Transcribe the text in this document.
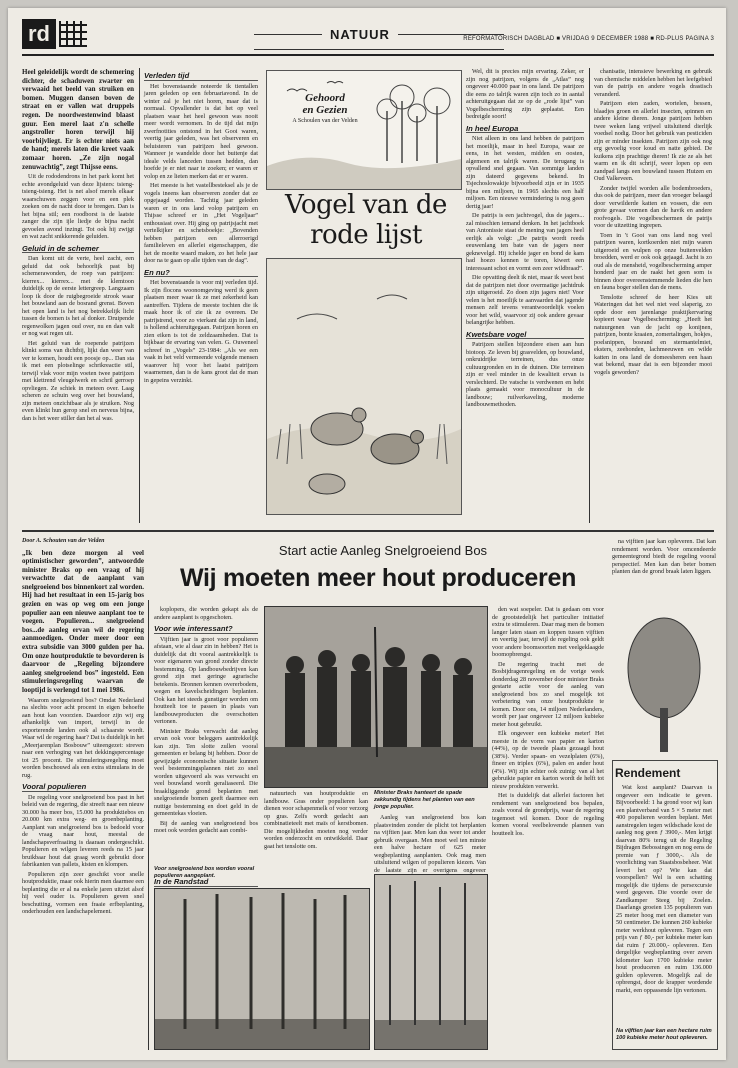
rd	NATUUR	REFORMATORISCH DAGBLAD ■ VRIJDAG 9 DECEMBER 1988 ■ RD-PLUS PAGINA 3

Heel geleidelijk wordt de schemering dichter, de schaduwen zwarter en verwaaid het beeld van struiken en bomen. Muggen dansen boven de straat en er vallen wat druppels regen. De noordwestenwind blaast guur. Een merel laat z'n schelle angstroller horen terwijl hij voorbijvliegt. Er is echter niets aan de hand; merels laten die kreet vaak zomaar horen. „Ze zijn nogal zenuwachtig”, zegt Thijsse eens.

Uit de rododendrons in het park komt het echte avondgeluid van deze lijsters: tsieng-tsieng-tsieng. Het is net alsof merels elkaar waarschuwen zeggen voor en een plek zoeken om de nacht door te brengen. Dan is het bijna stil; een roodborst is de laatste zanger die zijn ijle liedje de bijna nacht gevoelen avond inzingt. Tot ook hij zwijgt en wat zacht snikkerende geluiden.

Geluid in de schemer

Dan komt uit de verte, heel zacht, een geluid dat ook behoorlijk past bij schemerawonden, de roep van patrijzen: kierrex... kierrex... met de klemtoon duidelijk op de eerste lettergreep. Langzaam loop ik door de ruigbegroeide strook waar het bouwland aan de bosrand grenst. Boven het open land is het nog betrekkelijk licht tussen de bomen is het al donker. Druipende regenwolken jagen oud over, nu en dan valt er nog wat regen uit.

Het geluid van de roepende patrijzen klinkt soms van dichtbij, lijkt dan weer van ver te komen, houdt een poosje op... Dan sta ik met een plotselinge schrikreactie stil, terwijl vlak voor mijn voeten twee patrijzen met klettrend vleugelwerk en schril gerroep opvliegen. Ze schiek in meteen over. Laag scheren ze schuin weg over het bouwland, zijn meteen onzichtbaar als je struiken. Nog even klinkt hun gerop snel en nerveus bijna, dan is het weer stiller dan het al was.

Verleden tijd

Het bovenstaande noteerde ik tientallen jaren geleden op een februariavond. In de winter zal je het niet horen, maar dat is normaal. Opvallender is dat het op veel plaatsen waar het heel gewoon was nooit meer wordt vernomen. In de tijd dat mijn zwerfnotities ontstond in het Gooi waren, veertig jaar geleden, was het observeren en beluisteren van patrijzen heel gewoon. Wanneer je wandelde door het buitenje dat ideale velds lanceden tussen hedden, dan hoefde je er niet naar te zoeken; er waren er volop en ze lieten merken dat er er waren.

Het meeste is het vastellbesteksel als je de vogels ineens kan observeren zonder dat ze opgejaagd worden. Tachtig jaar geleden waren er in ons land volop patrijzen en Thijsse schreef er in „Het Vogeljaar” enthousiast over. Hij ging op patrijsjacht met vertelkijker en schetsboekje: „Bovenden hebben patrijzen een allerroerigd familieleven en allerlei eigenschappen, die het de moeite waard maken, zo het hele jaar door na te gaan op alle tijden van de dag”.

En nu?

Het bovenstaande is voor mij verleden tijd. Ik zijn flocons woonomgeving werd ik geen plaatsen meer waar ik ze met zekerheid kan aantreffen. Tijdens de meeste tochten die ik maak hoor ik of zie ik ze overeen. De patrijstrend, voor zo vierkant dat zijn in land, is hollend achteruitgegaan. Patrijzen horen en zien eiken is tot de zeldzaamheden. Dat is bijkbaar de ervaring van velen. G. Ouweneel schreef in „Vogels” 23-1984: „Als we een vaak in het veld vermeende volgende mensen waarover hij voor het laatst patrijzen waarnemen, dan is de kans groot dat de man in gepeins verzinkt.

Gehoord
en Gezien
A Schoulen van der Velden
Vogel van de rode lijst

Wel, dit is precies mijn ervaring. Zeker, er zijn nog patrijzen, volgens de „Atlas” nog ongeveer 40.000 paar in ons land. De patrijzen die eens zo talrijk waren zijn toch zo in aantal achteruitgegaan dat ze op de „rode lijst” van Vogelbescherming zijn geplaatst. Een bedreigde soort!

In heel Europa

Niet alleen in ons land hebben de patrijzen het moeilijk, maar in heel Europa, waar ze eens, in het westen, midden en oosten, algemeen en talrijk waren. De terugang is opvallend snel gegaan. Van sommige landen zijn dateerd gegevens bekend. In Tsjechoslowakije bijvoorbeeld zijn er in 1935 bijna een miljoen, in 1965 slechts een half miljoen. Een nieuwe vermindering is nog geen dertig jaar!

De patrijs is een jachtvogel, dus de jagers... zal misschien iemand denken. In het jachtboek van Antonissie staat de mening van jagers heel eerlijk als volgt: „De patrijs wordt reeds eeuwenlang ten bate van de jagers neer geknevelgd. Hij ichelde jager en bond de kam had hoezo kennen te toren, kiwert een interessant schot en vormt een zeer wildbraad”.

Die opvatting deelt ik niet, maar ik weet best dat de patrijzen niet door overmatige jachtdruk zijn uitgeroeid. Zo doen zijn jagers niet! Voor velen is het moeilijk te aanvaarden dat jagende mensen zelf tevens verantwoordelijk voelen voor het wild, waarvoor zij ook andere gevaar belangrijke hebben.

Kwetsbare vogel

Patrijzen stellen bijzondere eisen aan hun biotoop. Ze leven bij grasvelden, op bouwland, onkruidrijke terreinen, dus onze cultuurgronden en in de duinen. Die terreinen zijn er veel minder in de kwaliteit ervan is verslechterd. De vatsche is verdwenen en hebt plaats gemaakt voor monocultuur in de landbouw; ruilverkaveling, moderne landbouwmethoden.

chanisatie, intensieve bewerking en gebruik van chemische middelen hebben het leefgebied van de patrijs en andere vogels drastisch veranderd.

Patrijzen eten zaden, wortelen, bessen, blaadjes groen en allerlei insecten, spinnen en andere kleine dieren. Jonge patrijzen hebben twee weken lang vrijwel uitsluitend dierlijk voedsel nodig. Door het gebruik van pesticiden zijn er minder insekten. Patrijzen zijn ook nog erg gevoelig voor koud en natte gebied. De kuikens zijn prachtige dieren! Ik zie ze als het warm en ik dit schrijf, weer lopen op een zandpad langs een bouwland tussen Huizen en Oud Valkeveen.

Zonder twijfel worden alle bodembroeders, dus ook de patrijzen, meer dan vroeger belaagd door verwilderde katten en vossen, die een grote gevaar vormen dan de havik en andere roofvogels. Die vogelbeschermen de patrijs voor de uitzetting ingrepen.

Toen in 't Gooi van ons land nog veel patrijzen waren, kortkoerden niet mijn waren uitgeroeid en wulpen op onze buitenvelden broedden, werd er ook ook gejaagd. Jacht is zo oud als de mensheid, vogelbescherming amper honderd jaar en de raakt het geen som is binnen door overeenstemmende lieden die hen en fauna boger stellen dan de mens.

Tenslotte schreef de heer Kies uit Wateringen dat het wel niet veel slaperig, zo opde door een jarenlange praktijkervaring kopieert waar Vogelbescherming: „Heeft het natuurgenen van de jacht op konijnen, patrijzen, bonte kraaien, zomertalingen, hokjes, poelsnippen, bosrand en stermantelmiet, eksters, zeehonden, lachmeeuwen en wilde katten in ons land de domeesheren een haan wat bekend, maar dat is een bijzonder mooi vogels geworden?

Start actie Aanleg Snelgroeiend Bos
Wij moeten meer hout produceren
Door A. Schouten van der Velden

„Ik ben deze morgen al veel optimistischer geworden”, antwoordde minister Braks op een vraag of hij verwachtte dat de aanplant van snelgroeiend bos binnenkort zal worden. Hij had het resultaat in een 15-jarig bos gezien en was op weg om een jonge populier aan een nieuwe aanplant toe te voegen. Populieren... snelgroeiend bos...de aanleg ervan wil de regering aanmoedigen. Onder meer door een extra subsidie van 3000 gulden per ha. Om onze houtproduktie te bevorderen is daarvoor de „Regeling bijzondere aanleg snelgroeiend bos” ingesteld. Een stimuleringsregeling waarvan de looptijd is verlengd tot 1 mei 1986.

Waarom snelgroeiend bos? Omdat Nederland na slechts voor acht procent in eigen behoefte aan hout kan voorzien. Daardoor zijn wij erg afhankelijk van import, terwijl in de exporterende landen ook al schaarste wordt. Waar wil de regering haar? Dat is duidelijk in het „Meerjarenplan Bosbouw” uiteengezet: streven naar een verhoging van het dekkingspercentage tot 25 procent. De stimuleringsregeling moet worden beschouwd als een extra stimulans in de rug.

Vooral populieren

De regeling voor snelgroeiend bos past in het beleid van de regering, die streeft naar een nieuw 30.000 ha meer bos, 15.000 ha produktiebos en 20.000 km extra weg- en groenbeplanting. Aanplant van snelgroeiend bos is bedoeld voor de vraag naar hout, meestal de landschapsverfraaiing is daaraan ondergeschikt. Populieren en wilgen leveren reeds na 15 jaar bruikbaar hout dat graag wordt gebruikt door fabrikanten van pallets, kisten en klompen.

Populieren zijn zeer geschikt voor snelle houtproduktie, maar ook hierin men daarmee een beplanting die er al na enkele jaren uitziet alsof hij veel ouder is. Populieren geven snel beschutting, vormen een fraaie erfbeplanting, onderhouden een landschapelement.

koplopers, die worden gekapt als de andere aanplant is opgeschoten.

Voor wie interessant?

Vijftien jaar is groot voor populieren afstaan, wie al daar zin in hebben? Het is duidelijk dat dit vooral aantrekkelijk is voor eigenaren van grond zonder directe bestemming. Op landbouwbedrijven kan grond zijn met geringe agrarische betekenis. Bronnen kennen overerbodem, wegen en kavelscheidingen beplanten. Ook kan het steeds gunstiger worden om houtteelt toe te passen in plaats van landbouwproducten die overschotten vertonen.

Minister Braks verwacht dat aanleg ervan ook voor beleggers aantrekkelijk kan zijn. Ten slotte zullen vooral gemeenten er belang bij hebben. Door de gewijzigde economische situatie kunnen veel bestemmingsplannen niet zo snel worden uitgevoerd als was verwacht en veel bouwland wordt geraliaseerd. Die braakliggende grond beplanten met snelgroeiende bomen geeft daarmee een nuttige bestemming en doet geld in de gemeentekas vloeien.

Bij de aanleg van snelgroeiend bos moet ook worden gedacht aan combi-

natuurtech van houtproduktie en landbouw. Gras onder populieren kan dienen voor schapenmelk of voor verzorg op gras. Zelfs wordt gedacht aan combinatieteelt met maïs of kerstbomen. Die mogelijkheden moeten nog verder worden onderzocht en ontwikkeld. Daar gaat het tenslotte om.

Minister Braks hanteert de spade zakkundig tijdens het planten van een jonge populier.

Aanleg van snelgroeiend bos kan plaatsvinden zonder de plicht tot herplanten na vijftien jaar. Men kan dus weer tot ander gebruik overgaan. Men moet wel ten minste een halve hectare of 625 meter wegbeplanting aanplanten. Ook mag men uitsluitend wilgen of populieren kiezen. Van de laatste zijn er overigens ongeveer

den wat soepeler. Dat is gedaan om voor de grootstedelijk het particulier initiatief extra te stimuleren. Daar mag men de bomen langer laten staan en koppen tussen vijftien en veertig jaar, terwijl de regeling ook geldt voor andere boomsoorten met veelgeklaagde boomopbrengst.

De regering tracht met de Bosbijdragenregeling en de vorige week donderdag 28 november door minister Braks gestarte actie voor de aanleg van snelgroeiend bos zo snel mogelijk tot verbetering van onze houtproduktie te komen. Door ons, 14 miljoen Nederlanders, wordt per jaar ongeveer 12 miljoen kubieke meter hout gebruikt.

Elk ongeveer een kubieke meter! Het meeste in de vorm van papier en karton (44%), op de tweede plaats gezaagd hout (38%). Verder spaan- en vezelplaten (6%), fineer en triplex (6%), palen en ander hout (4%). Wij zijn echter ook zuinig: van al het gebruikte papier en karton wordt de helft tot nieuw produkten verwerkt.

Het is duidelijk dat allerlei factoren het rendement van snelgroeiend bos bepalen, zoals vooral de grondprijs, waar de regering tegemoet wil komen. Door de regeling komen vooral veelbelovende plannen van houtteelt los.

In de Randstad
Voor snelgroeiend bos worden vooral populieren aangeplant.

na vijftien jaar kan opleveren. Dat kan rendement worden. Voor omcendeerde gemeentegrond biedt de regeling vooral perspectief. Men kan dan beter bomen planten dan de grond braak laten liggen.

Rendement

Wat kost aanplant? Daarvan is ongeveer een indicatie te geven. Bijvoorbeeld: 1 ha grond voor wij kan een plantverband van 5 × 5 meter met 400 populieren worden beplant. Met aanstregelen tegen wildschade kost de aanleg nog geen ƒ 3900,-. Men krijgt daarvan 80% terug uit de Regeling Bijdragen Bebossingen en nog eens de premie van ƒ 3000,-. Als de voorlichting van Staatsbosbeheer. Wat levert het op? Wie kan dat voorspellen? Wel is een schatting mogelijk die tijdens de persexcursie werd gegeven. Die voorde over de Zandkamper Steeg bij Zoelen. Daarlangs groeien 135 populieren van 25 meter hoog met een diameter van 50 centimeter. De kunnen 260 kubieke meter werkhout opleveren. Tegen een prijs van ƒ 80,- per kubieke meter kan dat ruim ƒ 20.000,- opleveren. Een dergelijke wegbeplanting over zeven kilometer kan 1700 kubieke meter hout produceren en ruim 136.000 gulden opleveren. Mogelijk zal de opbrengst, door de krapper wordende markt, een oppassende lijn vertonen.

Na vijftien jaar kan een hectare ruim 100 kubieke meter hout opleveren.
